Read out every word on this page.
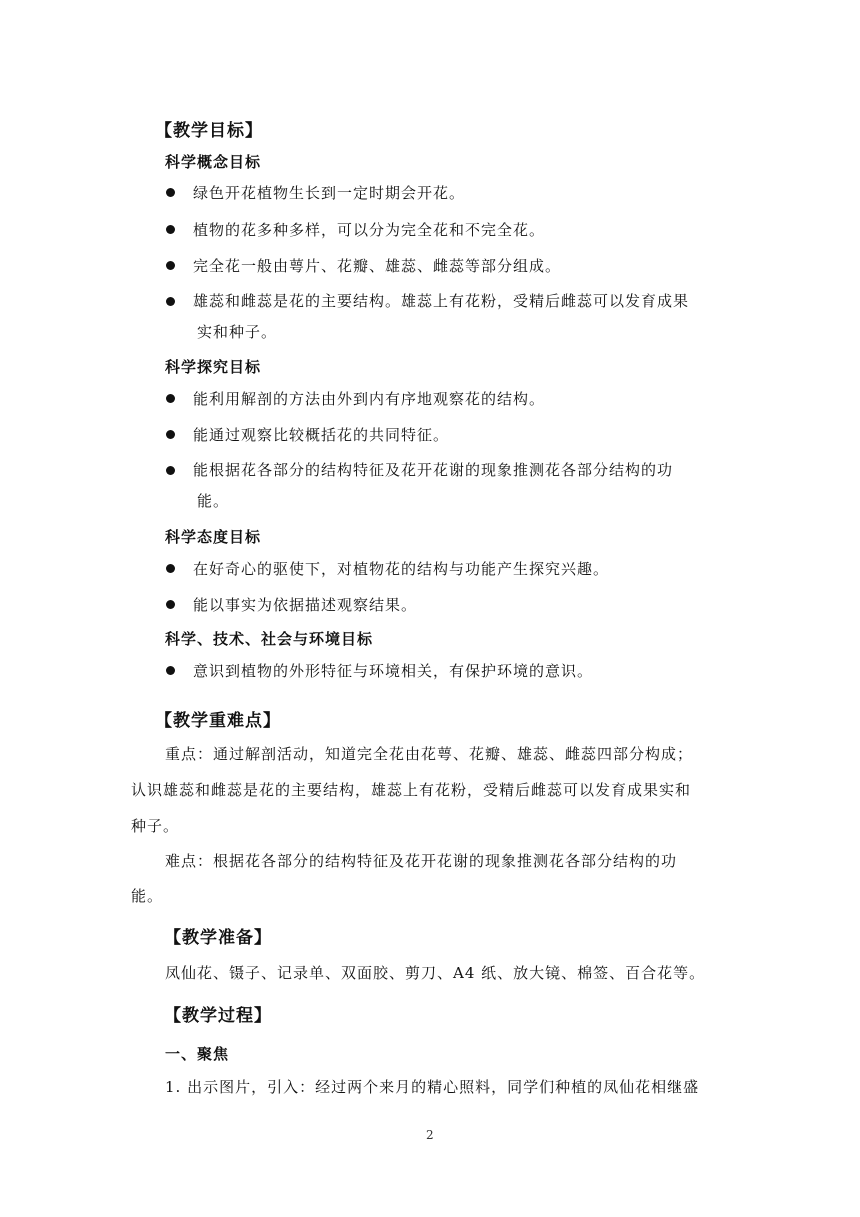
【教学目标】
科学概念目标
绿色开花植物生长到一定时期会开花。
植物的花多种多样，可以分为完全花和不完全花。
完全花一般由萼片、花瓣、雄蕊、雌蕊等部分组成。
雄蕊和雌蕊是花的主要结构。雄蕊上有花粉，受精后雌蕊可以发育成果
实和种子。
科学探究目标
能利用解剖的方法由外到内有序地观察花的结构。
能通过观察比较概括花的共同特征。
能根据花各部分的结构特征及花开花谢的现象推测花各部分结构的功
能。
科学态度目标
在好奇心的驱使下，对植物花的结构与功能产生探究兴趣。
能以事实为依据描述观察结果。
科学、技术、社会与环境目标
意识到植物的外形特征与环境相关，有保护环境的意识。
【教学重难点】
重点：通过解剖活动，知道完全花由花萼、花瓣、雄蕊、雌蕊四部分构成；
认识雄蕊和雌蕊是花的主要结构，雄蕊上有花粉，受精后雌蕊可以发育成果实和
种子。
难点：根据花各部分的结构特征及花开花谢的现象推测花各部分结构的功
能。
【教学准备】
凤仙花、镊子、记录单、双面胶、剪刀、A4 纸、放大镜、棉签、百合花等。
【教学过程】
一、聚焦
1. 出示图片，引入：经过两个来月的精心照料，同学们种植的凤仙花相继盛
2
